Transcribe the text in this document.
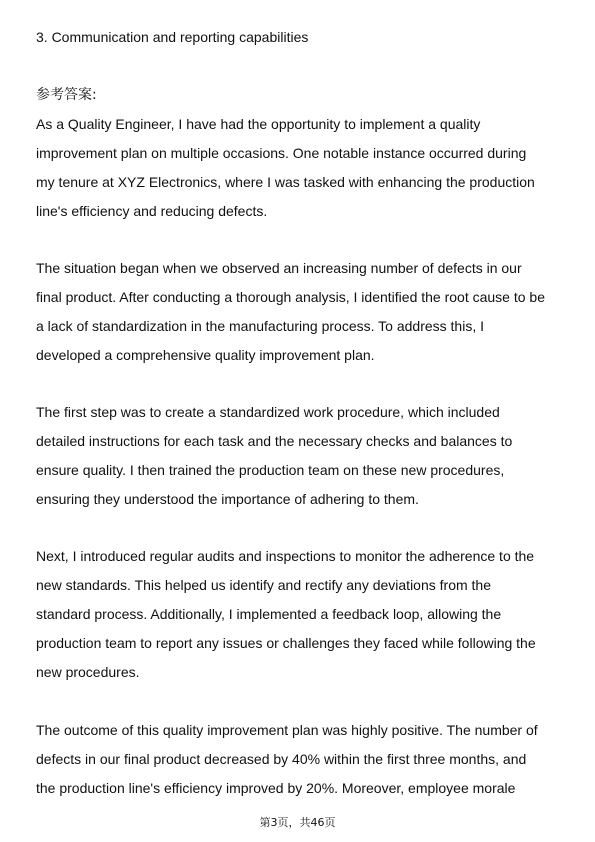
3. Communication and reporting capabilities
参考答案:
As a Quality Engineer, I have had the opportunity to implement a quality
improvement plan on multiple occasions. One notable instance occurred during
my tenure at XYZ Electronics, where I was tasked with enhancing the production
line's efficiency and reducing defects.
The situation began when we observed an increasing number of defects in our
final product. After conducting a thorough analysis, I identified the root cause to be
a lack of standardization in the manufacturing process. To address this, I
developed a comprehensive quality improvement plan.
The first step was to create a standardized work procedure, which included
detailed instructions for each task and the necessary checks and balances to
ensure quality. I then trained the production team on these new procedures,
ensuring they understood the importance of adhering to them.
Next, I introduced regular audits and inspections to monitor the adherence to the
new standards. This helped us identify and rectify any deviations from the
standard process. Additionally, I implemented a feedback loop, allowing the
production team to report any issues or challenges they faced while following the
new procedures.
The outcome of this quality improvement plan was highly positive. The number of
defects in our final product decreased by 40% within the first three months, and
the production line's efficiency improved by 20%. Moreover, employee morale
第3页，共46页
